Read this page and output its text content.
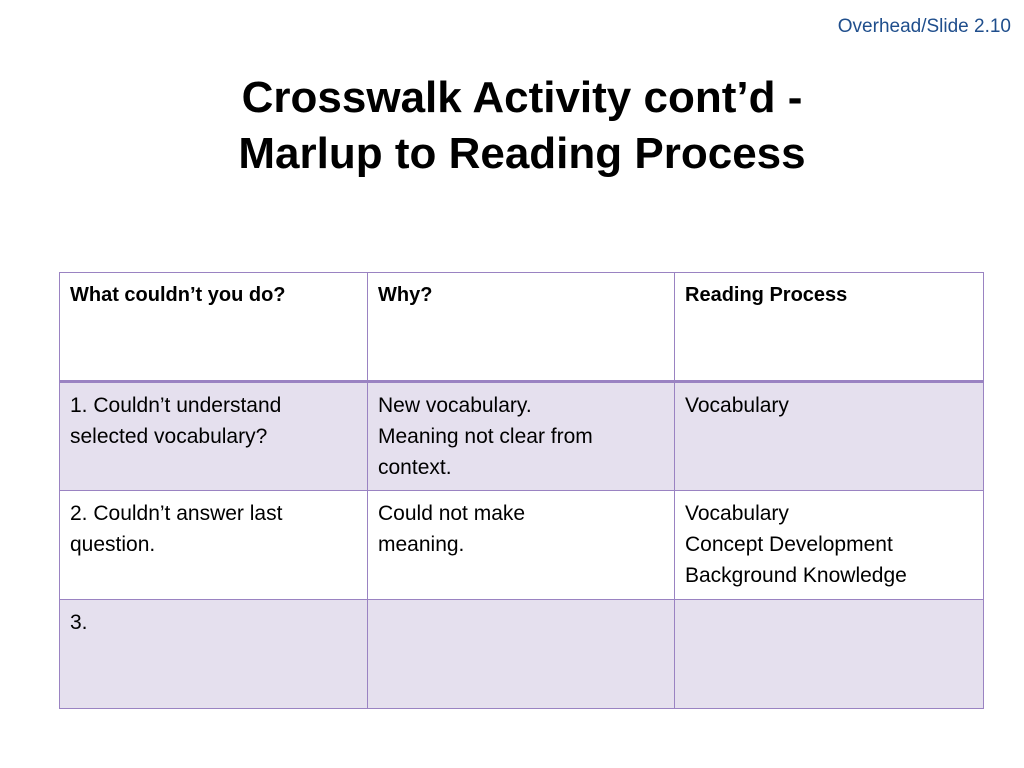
Overhead/Slide 2.10
Crosswalk Activity cont’d -
Marlup to Reading Process
What couldn’t you do?	Why?	Reading Process

1. Couldn’t understand
selected vocabulary?	New vocabulary.
Meaning not clear from
context.	Vocabulary

2. Couldn’t answer last
question.	Could not make
meaning.	Vocabulary
Concept Development
Background Knowledge

3.		
